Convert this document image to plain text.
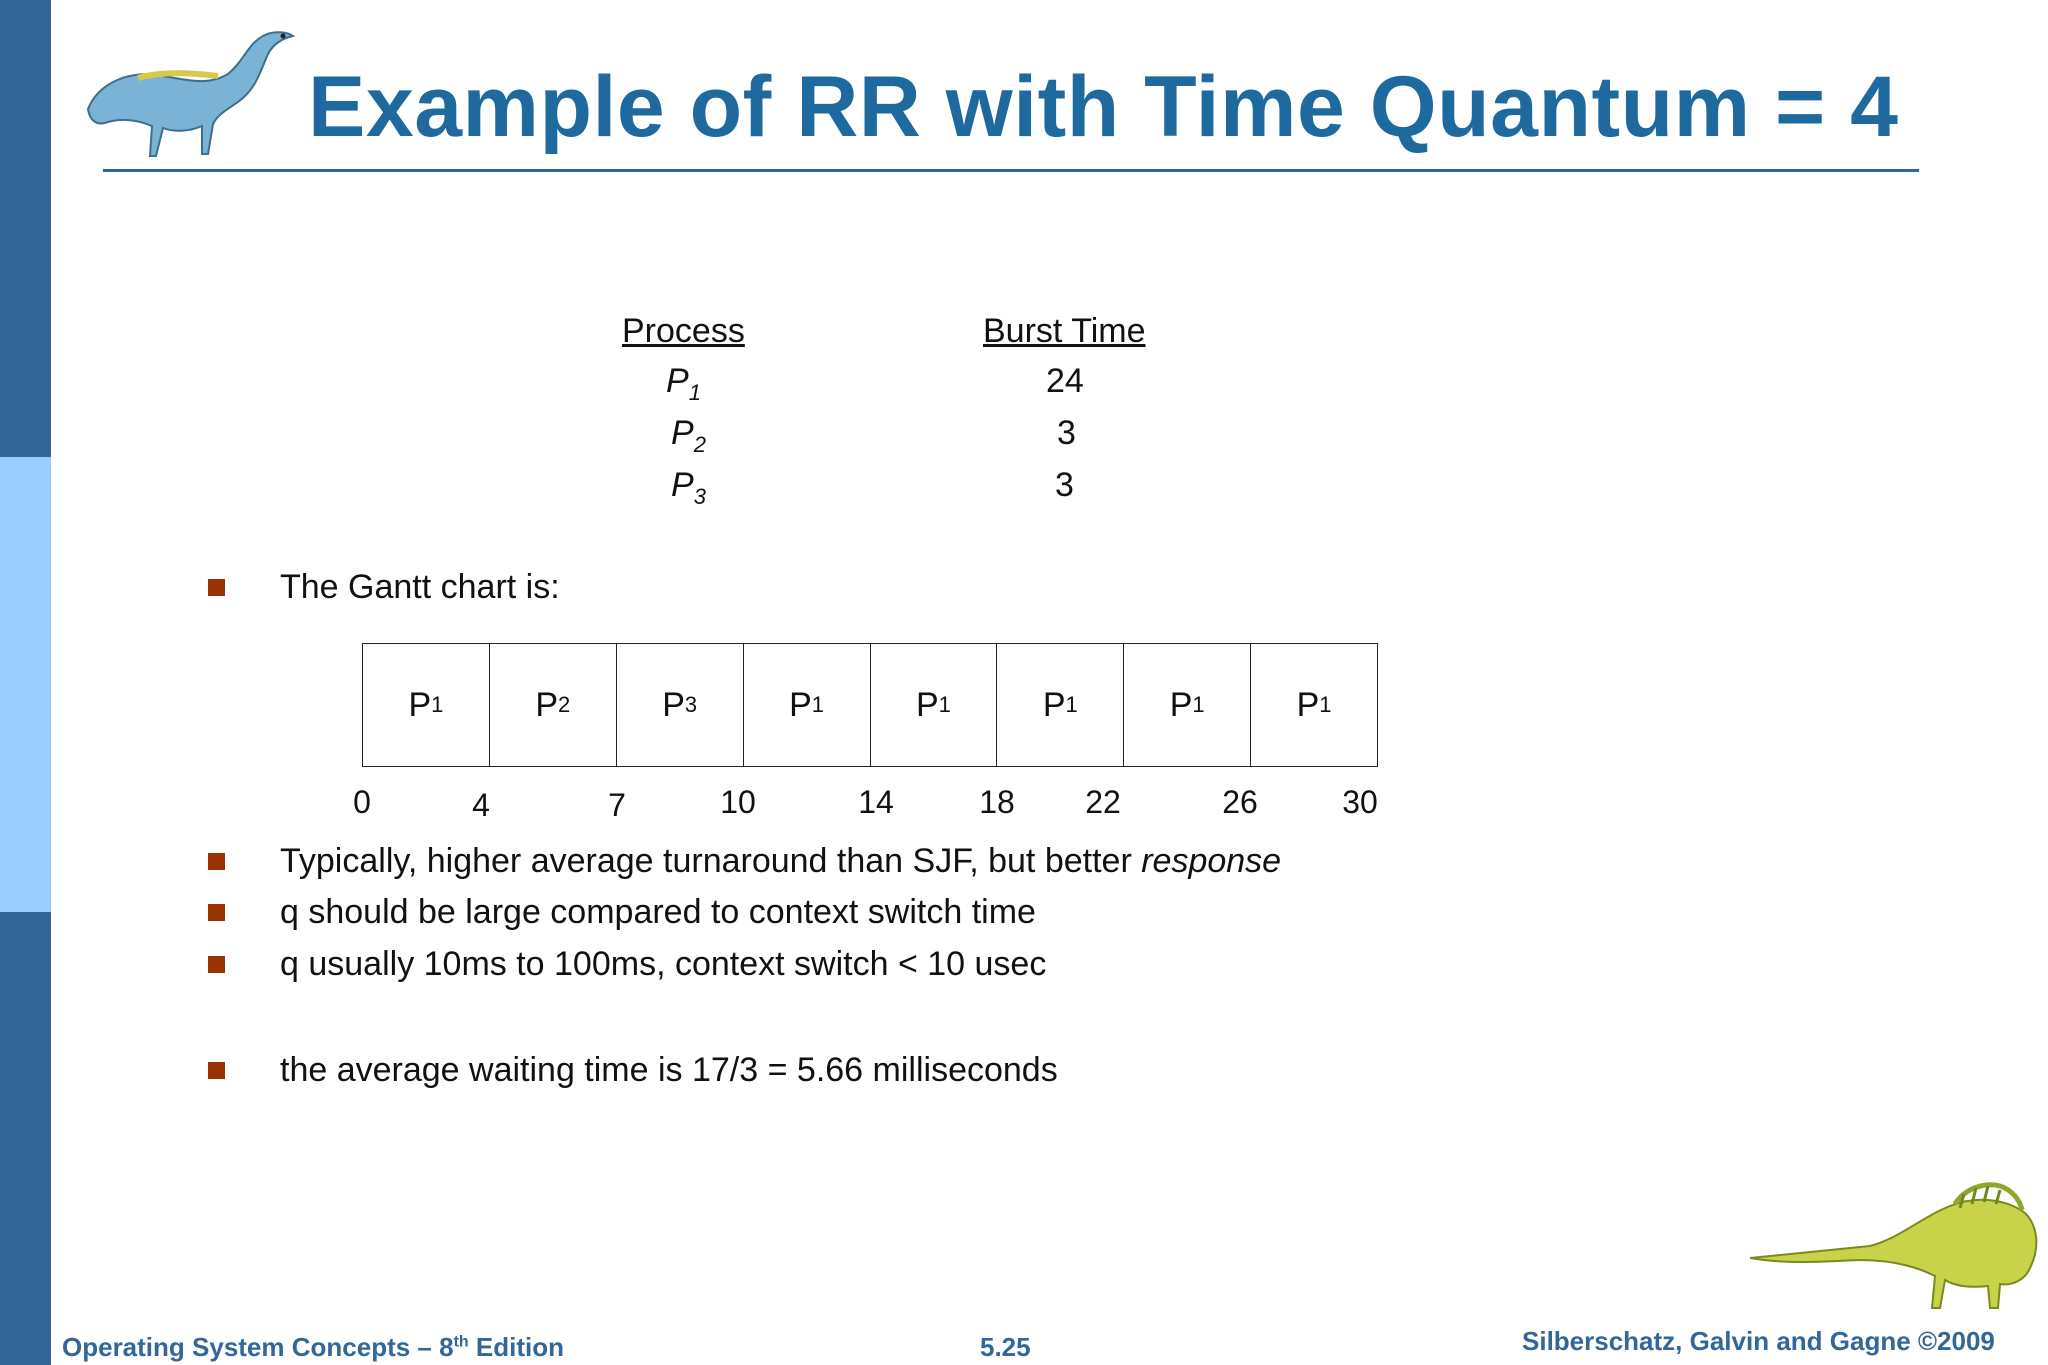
Example of RR with Time Quantum = 4
Process	Burst Time
$P_1$	24
$P_2$	3
$P_3$	3
The Gantt chart is:
P 1	P 2	P 3	P 1	P 1	P 1	P 1	P 1
0	4	7	10	14	18 22	26	30
Typically, higher average turnaround than SJF, but better response
q should be large compared to context switch time
q usually 10ms to 100ms, context switch < 10 usec
the average waiting time is 17/3 = 5.66 milliseconds
Operating System Concepts – 8th Edition	5.25	Silberschatz, Galvin and Gagne ©2009
